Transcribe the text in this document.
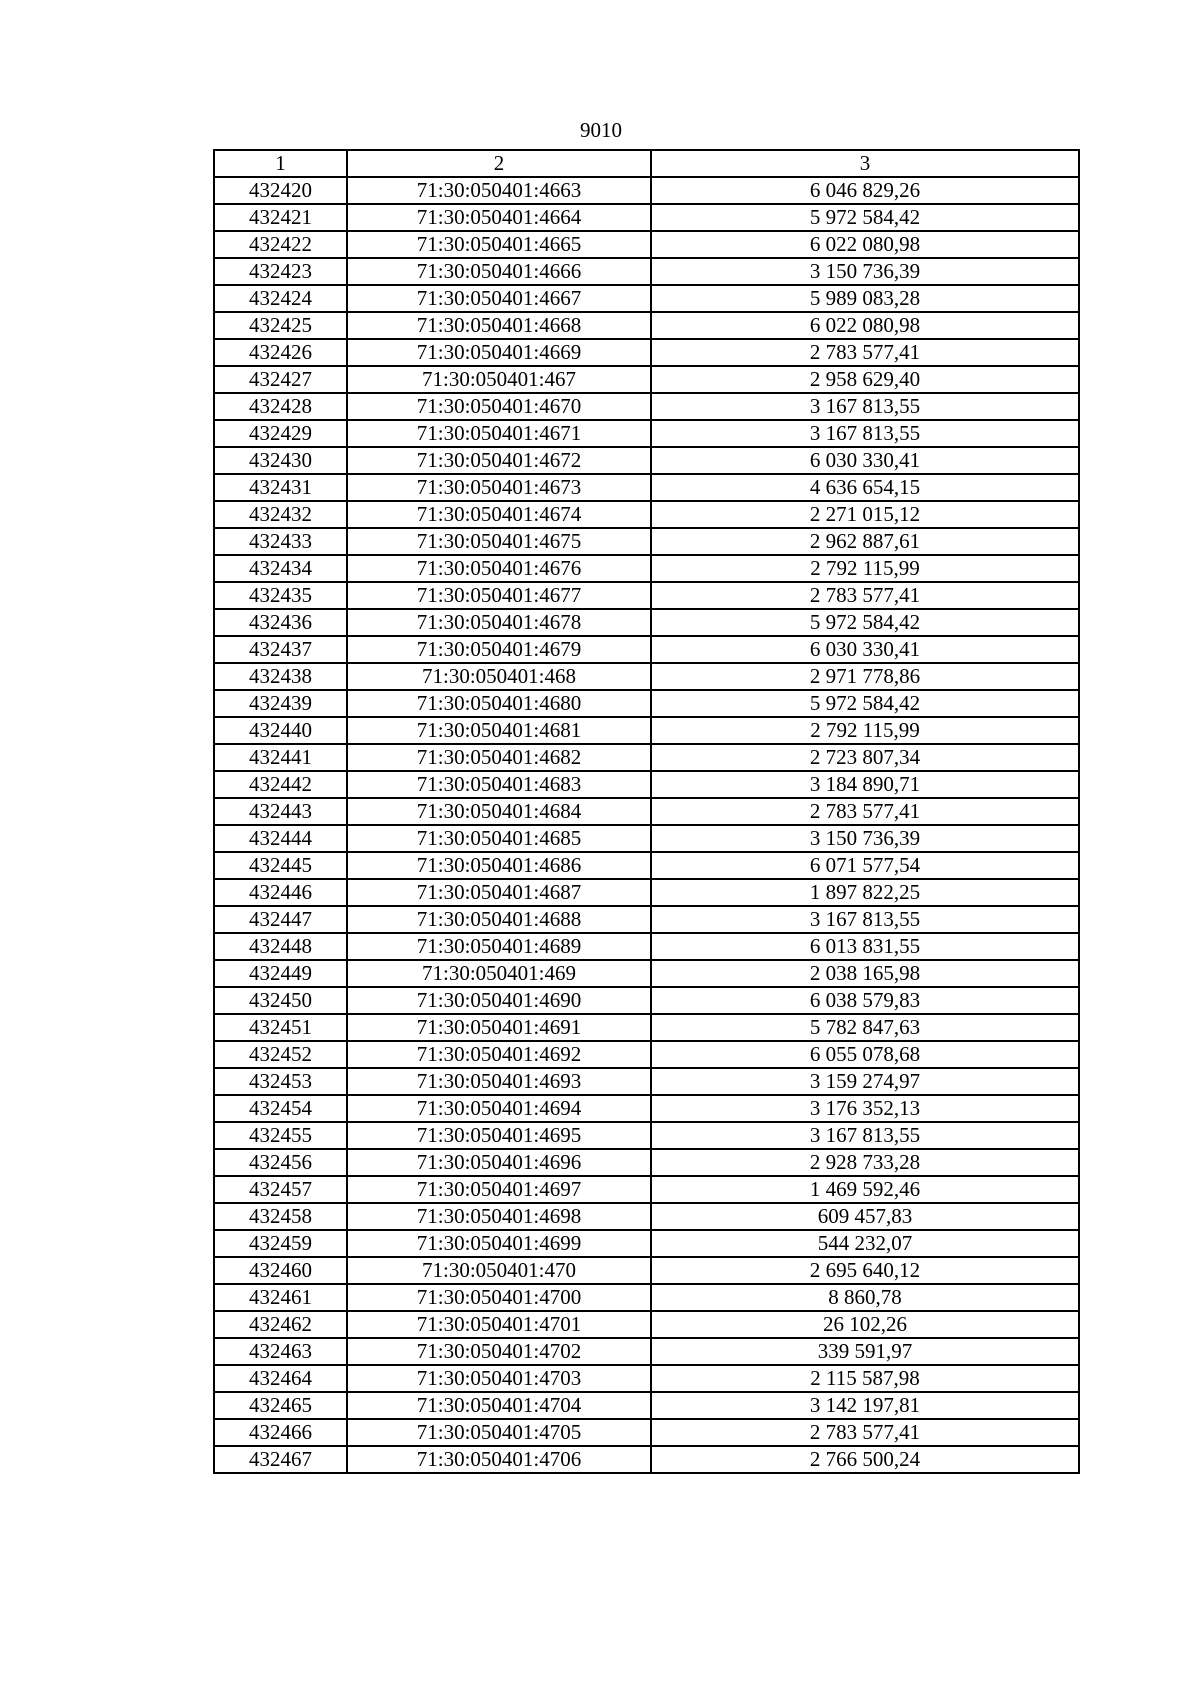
9010
1	2	3
432420	71:30:050401:4663	6 046 829,26
432421	71:30:050401:4664	5 972 584,42
432422	71:30:050401:4665	6 022 080,98
432423	71:30:050401:4666	3 150 736,39
432424	71:30:050401:4667	5 989 083,28
432425	71:30:050401:4668	6 022 080,98
432426	71:30:050401:4669	2 783 577,41
432427	71:30:050401:467	2 958 629,40
432428	71:30:050401:4670	3 167 813,55
432429	71:30:050401:4671	3 167 813,55
432430	71:30:050401:4672	6 030 330,41
432431	71:30:050401:4673	4 636 654,15
432432	71:30:050401:4674	2 271 015,12
432433	71:30:050401:4675	2 962 887,61
432434	71:30:050401:4676	2 792 115,99
432435	71:30:050401:4677	2 783 577,41
432436	71:30:050401:4678	5 972 584,42
432437	71:30:050401:4679	6 030 330,41
432438	71:30:050401:468	2 971 778,86
432439	71:30:050401:4680	5 972 584,42
432440	71:30:050401:4681	2 792 115,99
432441	71:30:050401:4682	2 723 807,34
432442	71:30:050401:4683	3 184 890,71
432443	71:30:050401:4684	2 783 577,41
432444	71:30:050401:4685	3 150 736,39
432445	71:30:050401:4686	6 071 577,54
432446	71:30:050401:4687	1 897 822,25
432447	71:30:050401:4688	3 167 813,55
432448	71:30:050401:4689	6 013 831,55
432449	71:30:050401:469	2 038 165,98
432450	71:30:050401:4690	6 038 579,83
432451	71:30:050401:4691	5 782 847,63
432452	71:30:050401:4692	6 055 078,68
432453	71:30:050401:4693	3 159 274,97
432454	71:30:050401:4694	3 176 352,13
432455	71:30:050401:4695	3 167 813,55
432456	71:30:050401:4696	2 928 733,28
432457	71:30:050401:4697	1 469 592,46
432458	71:30:050401:4698	609 457,83
432459	71:30:050401:4699	544 232,07
432460	71:30:050401:470	2 695 640,12
432461	71:30:050401:4700	8 860,78
432462	71:30:050401:4701	26 102,26
432463	71:30:050401:4702	339 591,97
432464	71:30:050401:4703	2 115 587,98
432465	71:30:050401:4704	3 142 197,81
432466	71:30:050401:4705	2 783 577,41
432467	71:30:050401:4706	2 766 500,24
